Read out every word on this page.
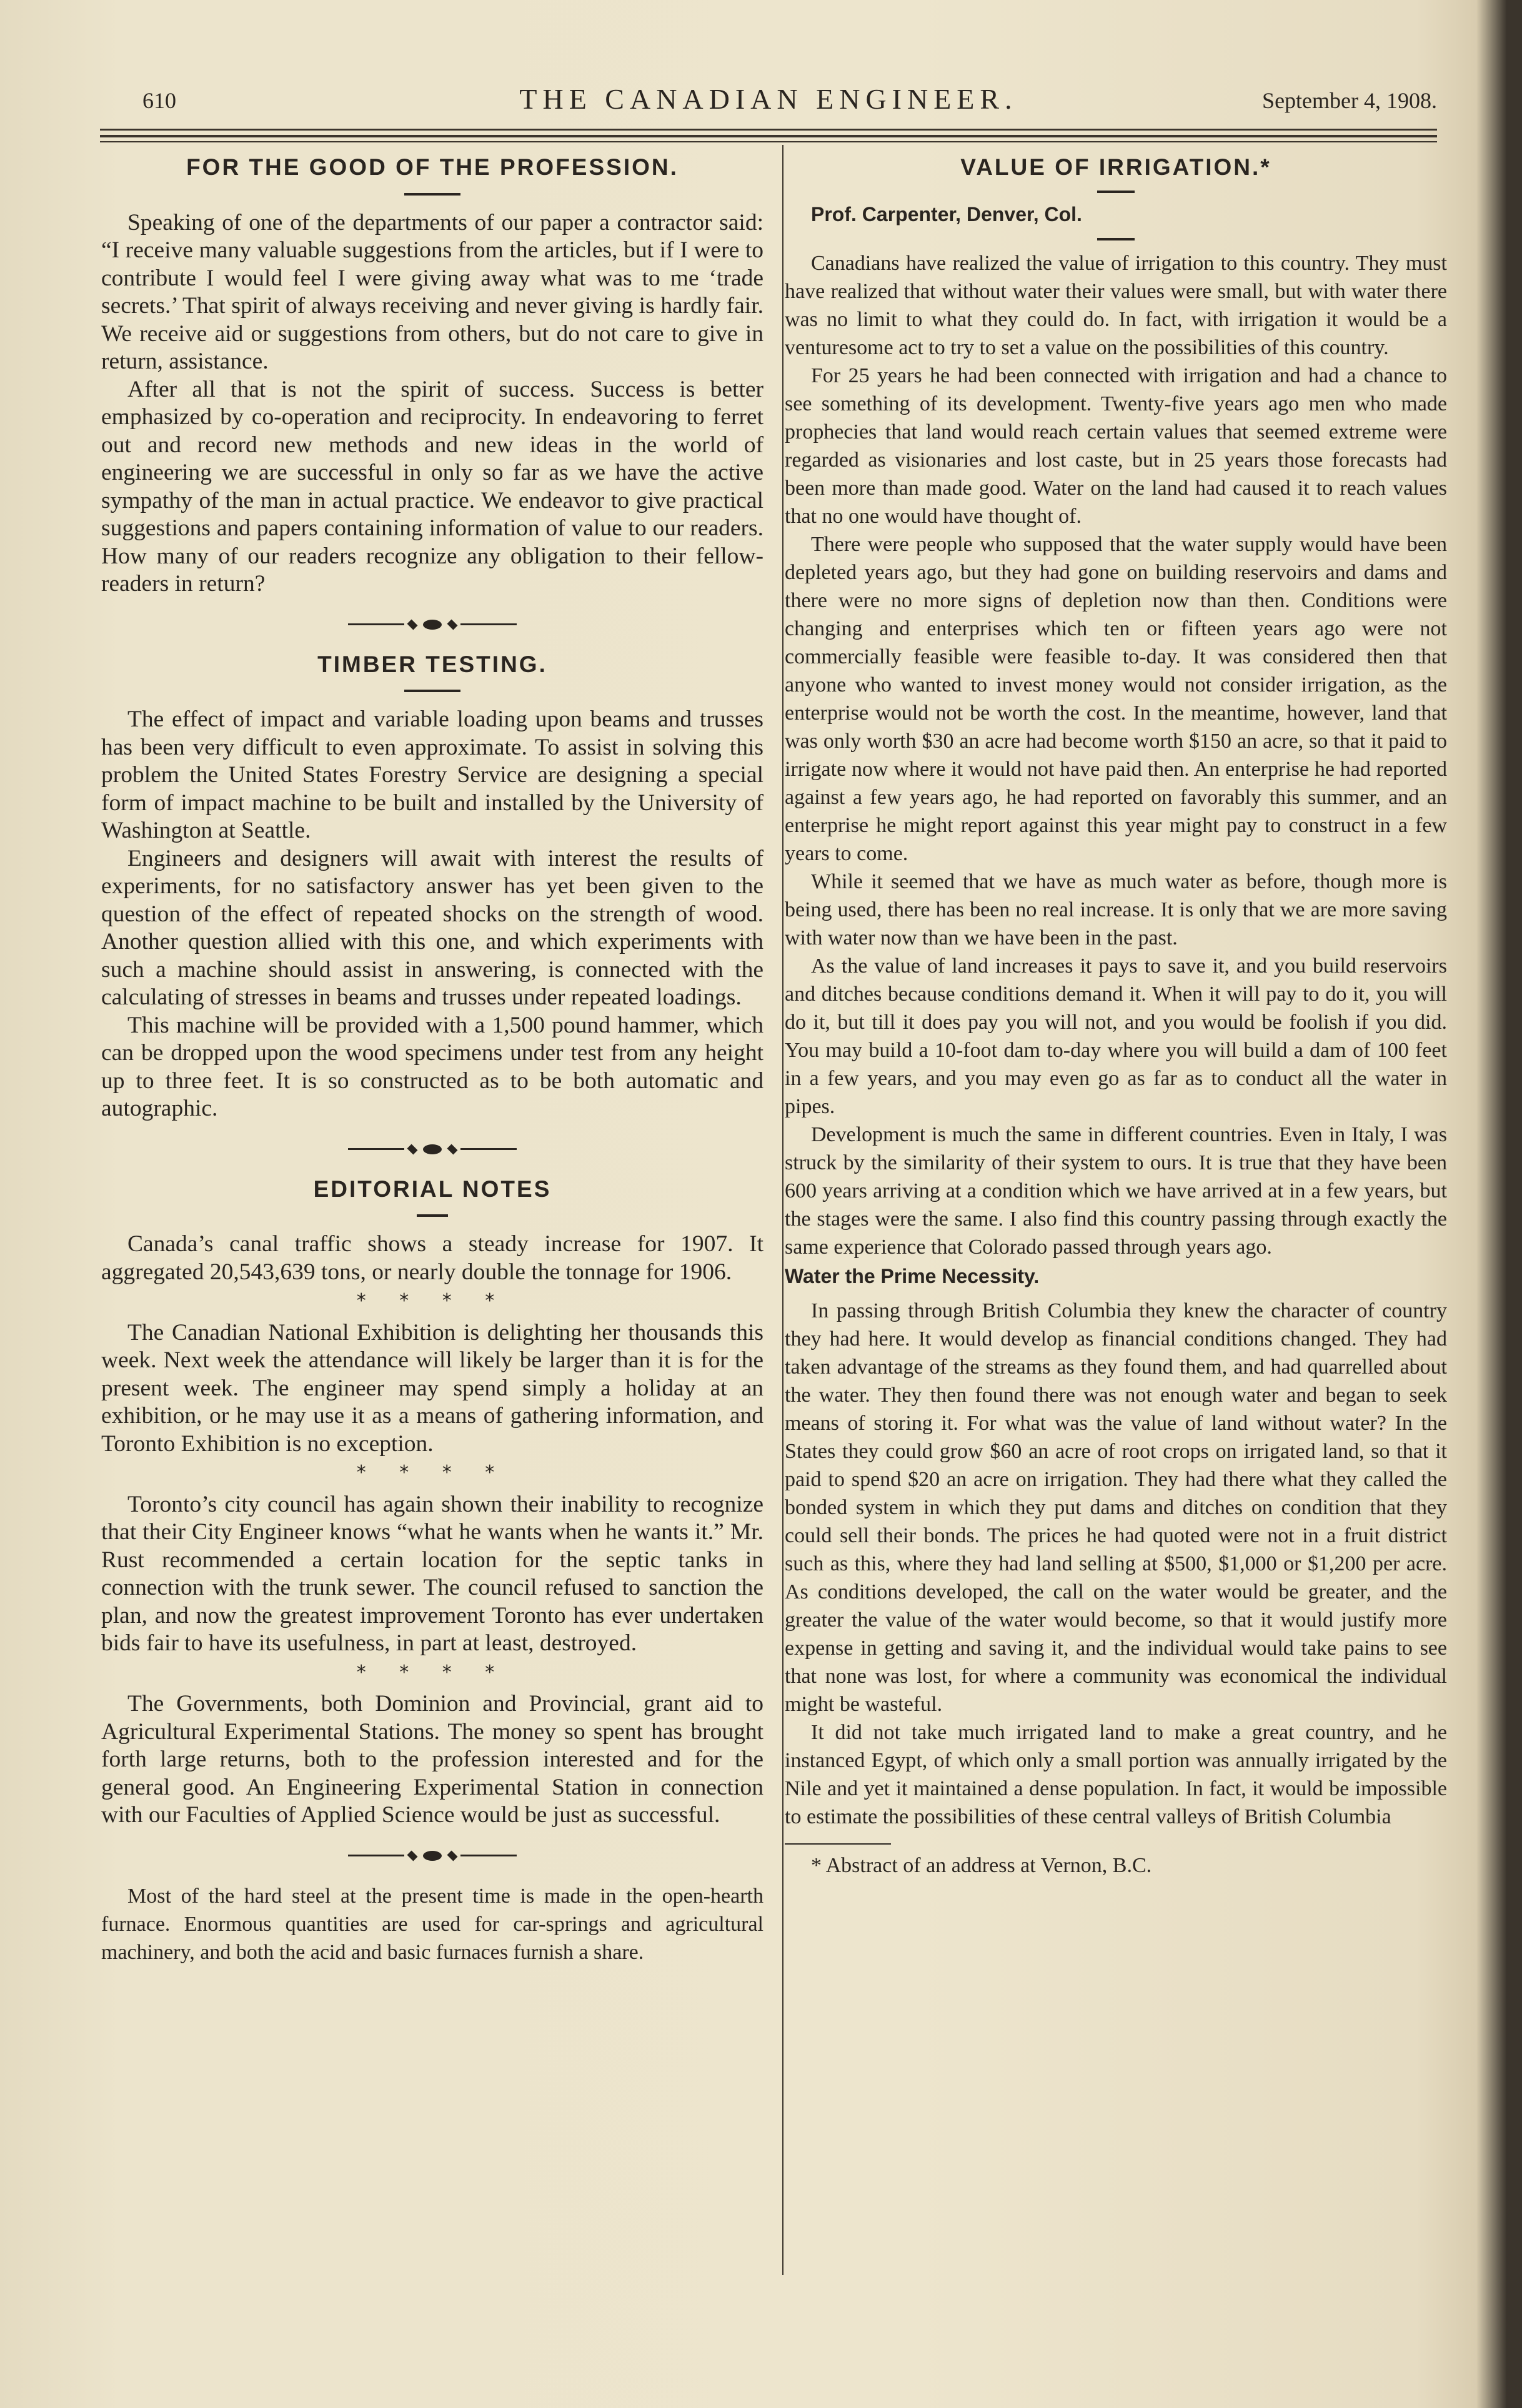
610	THE CANADIAN ENGINEER.	September 4, 1908.
FOR THE GOOD OF THE PROFESSION.

Speaking of one of the departments of our paper a contractor said: “I receive many valuable suggestions from the articles, but if I were to contribute I would feel I were giving away what was to me ‘trade secrets.’ That spirit of always receiving and never giving is hardly fair. We receive aid or suggestions from others, but do not care to give in return, assistance.

After all that is not the spirit of success. Success is better emphasized by co-operation and reciprocity. In endeavoring to ferret out and record new methods and new ideas in the world of engineering we are successful in only so far as we have the active sympathy of the man in actual practice. We endeavor to give practical suggestions and papers containing information of value to our readers. How many of our readers recognize any obligation to their fellow-readers in return?

TIMBER TESTING.

The effect of impact and variable loading upon beams and trusses has been very difficult to even approximate. To assist in solving this problem the United States Forestry Service are designing a special form of impact machine to be built and installed by the University of Washington at Seattle.

Engineers and designers will await with interest the results of experiments, for no satisfactory answer has yet been given to the question of the effect of repeated shocks on the strength of wood. Another question allied with this one, and which experiments with such a machine should assist in answering, is connected with the calculating of stresses in beams and trusses under repeated loadings.

This machine will be provided with a 1,500 pound hammer, which can be dropped upon the wood specimens under test from any height up to three feet. It is so constructed as to be both automatic and autographic.

EDITORIAL NOTES

Canada’s canal traffic shows a steady increase for 1907. It aggregated 20,543,639 tons, or nearly double the tonnage for 1906.

* * * *

The Canadian National Exhibition is delighting her thousands this week. Next week the attendance will likely be larger than it is for the present week. The engineer may spend simply a holiday at an exhibition, or he may use it as a means of gathering information, and Toronto Exhibition is no exception.

* * * *

Toronto’s city council has again shown their inability to recognize that their City Engineer knows “what he wants when he wants it.” Mr. Rust recommended a certain location for the septic tanks in connection with the trunk sewer. The council refused to sanction the plan, and now the greatest improvement Toronto has ever undertaken bids fair to have its usefulness, in part at least, destroyed.

* * * *

The Governments, both Dominion and Provincial, grant aid to Agricultural Experimental Stations. The money so spent has brought forth large returns, both to the profession interested and for the general good. An Engineering Experimental Station in connection with our Faculties of Applied Science would be just as successful.

Most of the hard steel at the present time is made in the open-hearth furnace. Enormous quantities are used for car-springs and agricultural machinery, and both the acid and basic furnaces furnish a share.

VALUE OF IRRIGATION.*

Prof. Carpenter, Denver, Col.

Canadians have realized the value of irrigation to this country. They must have realized that without water their values were small, but with water there was no limit to what they could do. In fact, with irrigation it would be a venturesome act to try to set a value on the possibilities of this country.

For 25 years he had been connected with irrigation and had a chance to see something of its development. Twenty-five years ago men who made prophecies that land would reach certain values that seemed extreme were regarded as visionaries and lost caste, but in 25 years those forecasts had been more than made good. Water on the land had caused it to reach values that no one would have thought of.

There were people who supposed that the water supply would have been depleted years ago, but they had gone on building reservoirs and dams and there were no more signs of depletion now than then. Conditions were changing and enterprises which ten or fifteen years ago were not commercially feasible were feasible to-day. It was considered then that anyone who wanted to invest money would not consider irrigation, as the enterprise would not be worth the cost. In the meantime, however, land that was only worth $30 an acre had become worth $150 an acre, so that it paid to irrigate now where it would not have paid then. An enterprise he had reported against a few years ago, he had reported on favorably this summer, and an enterprise he might report against this year might pay to construct in a few years to come.

While it seemed that we have as much water as before, though more is being used, there has been no real increase. It is only that we are more saving with water now than we have been in the past.

As the value of land increases it pays to save it, and you build reservoirs and ditches because conditions demand it. When it will pay to do it, you will do it, but till it does pay you will not, and you would be foolish if you did. You may build a 10-foot dam to-day where you will build a dam of 100 feet in a few years, and you may even go as far as to conduct all the water in pipes.

Development is much the same in different countries. Even in Italy, I was struck by the similarity of their system to ours. It is true that they have been 600 years arriving at a condition which we have arrived at in a few years, but the stages were the same. I also find this country passing through exactly the same experience that Colorado passed through years ago.

Water the Prime Necessity.

In passing through British Columbia they knew the character of country they had here. It would develop as financial conditions changed. They had taken advantage of the streams as they found them, and had quarrelled about the water. They then found there was not enough water and began to seek means of storing it. For what was the value of land without water? In the States they could grow $60 an acre of root crops on irrigated land, so that it paid to spend $20 an acre on irrigation. They had there what they called the bonded system in which they put dams and ditches on condition that they could sell their bonds. The prices he had quoted were not in a fruit district such as this, where they had land selling at $500, $1,000 or $1,200 per acre. As conditions developed, the call on the water would be greater, and the greater the value of the water would become, so that it would justify more expense in getting and saving it, and the individual would take pains to see that none was lost, for where a community was economical the individual might be wasteful.

It did not take much irrigated land to make a great country, and he instanced Egypt, of which only a small portion was annually irrigated by the Nile and yet it maintained a dense population. In fact, it would be impossible to estimate the possibilities of these central valleys of British Columbia

* Abstract of an address at Vernon, B.C.
